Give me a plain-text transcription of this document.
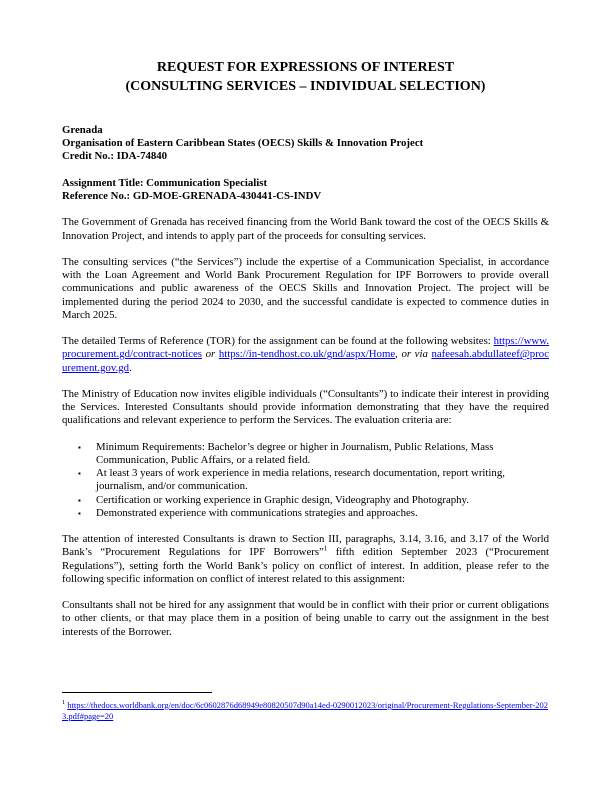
REQUEST FOR EXPRESSIONS OF INTEREST
(CONSULTING SERVICES – INDIVIDUAL SELECTION)
Grenada
Organisation of Eastern Caribbean States (OECS) Skills & Innovation Project
Credit No.: IDA-74840
Assignment Title: Communication Specialist
Reference No.: GD-MOE-GRENADA-430441-CS-INDV

The Government of Grenada has received financing from the World Bank toward the cost of the OECS Skills & Innovation Project, and intends to apply part of the proceeds for consulting services.

The consulting services (“the Services”) include the expertise of a Communication Specialist, in accordance with the Loan Agreement and World Bank Procurement Regulation for IPF Borrowers to provide overall communications and public awareness of the OECS Skills and Innovation Project. The project will be implemented during the period 2024 to 2030, and the successful candidate is expected to commence duties in March 2025.

The detailed Terms of Reference (TOR) for the assignment can be found at the following websites: https://www.procurement.gd/contract-notices or https://in-tendhost.co.uk/gnd/aspx/Home, or via nafeesah.abdullateef@procurement.gov.gd.

The Ministry of Education now invites eligible individuals (“Consultants”) to indicate their interest in providing the Services. Interested Consultants should provide information demonstrating that they have the required qualifications and relevant experience to perform the Services. The evaluation criteria are:

▪	Minimum Requirements: Bachelor’s degree or higher in Journalism, Public Relations, Mass Communication, Public Affairs, or a related field.
▪	At least 3 years of work experience in media relations, research documentation, report writing, journalism, and/or communication.
▪	Certification or working experience in Graphic design, Videography and Photography.
▪	Demonstrated experience with communications strategies and approaches.

The attention of interested Consultants is drawn to Section III, paragraphs, 3.14, 3.16, and 3.17 of the World Bank’s “Procurement Regulations for IPF Borrowers”$^1$ fifth edition September 2023 (“Procurement Regulations”), setting forth the World Bank’s policy on conflict of interest. In addition, please refer to the following specific information on conflict of interest related to this assignment:

Consultants shall not be hired for any assignment that would be in conflict with their prior or current obligations to other clients, or that may place them in a position of being unable to carry out the assignment in the best interests of the Borrower.

$^1$ https://thedocs.worldbank.org/en/doc/6c0602876d68949e80820507d90a14ed-0290012023/original/Procurement-Regulations-September-2023.pdf#page=20
